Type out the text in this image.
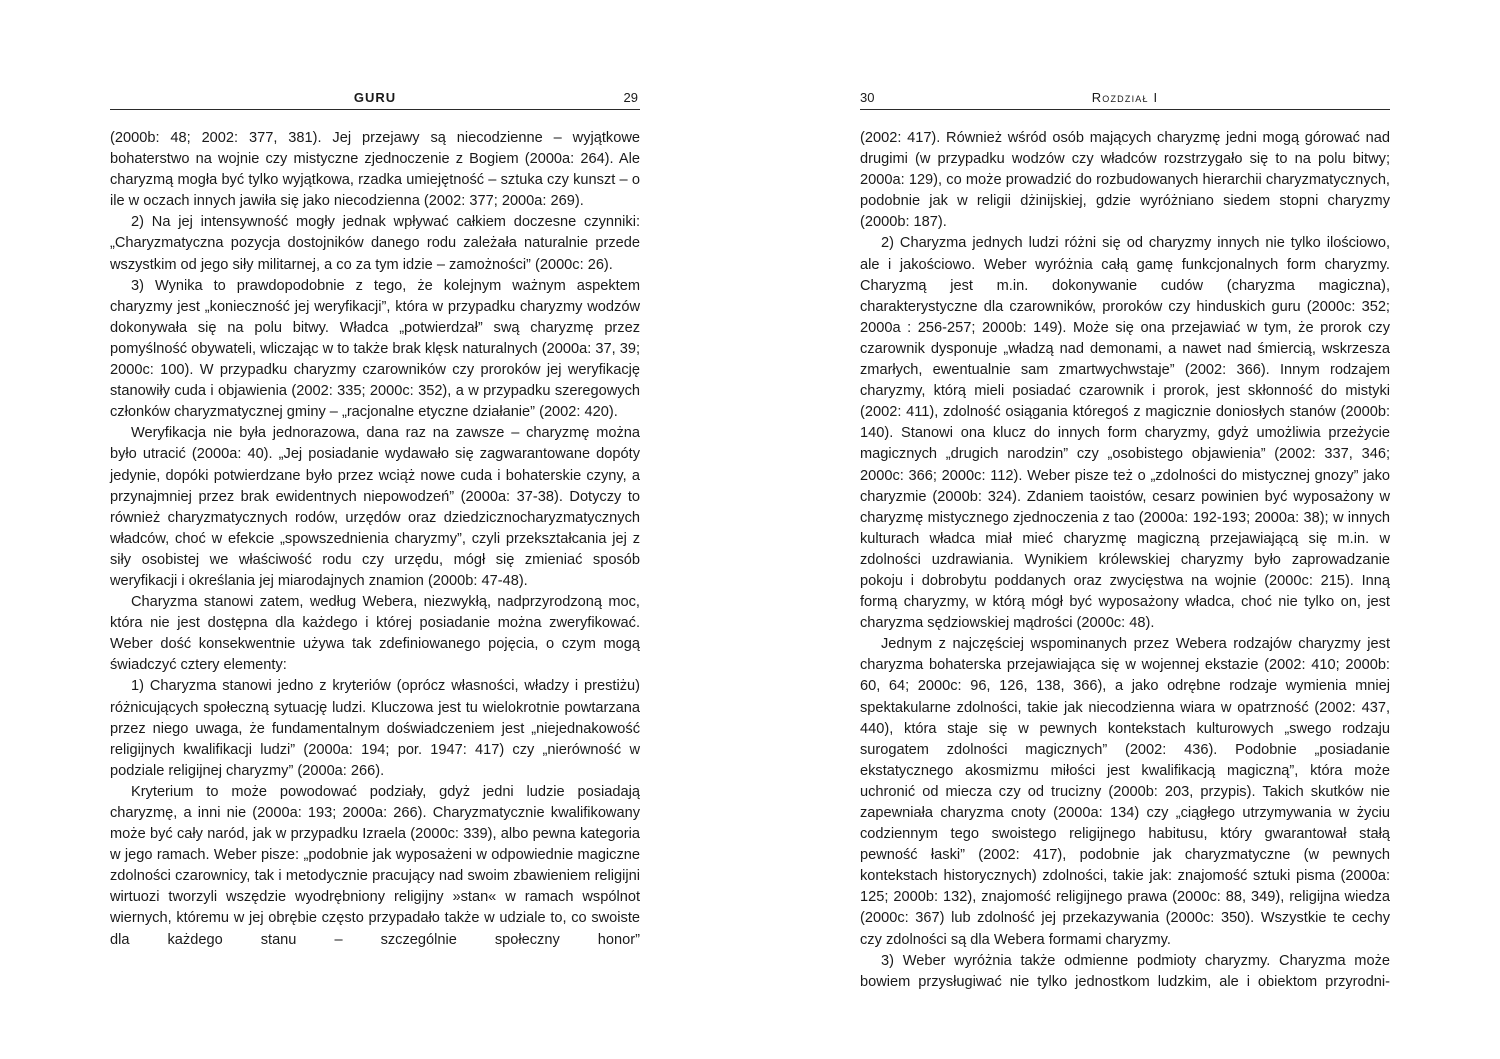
GURU	29

(2000b: 48; 2002: 377, 381). Jej przejawy są niecodzienne – wyjątkowe bohaterstwo na wojnie czy mistyczne zjednoczenie z Bogiem (2000a: 264). Ale charyzmą mogła być tylko wyjątkowa, rzadka umiejętność – sztuka czy kunszt – o ile w oczach innych jawiła się jako niecodzienna (2002: 377; 2000a: 269).

2) Na jej intensywność mogły jednak wpływać całkiem doczesne czynniki: „Charyzmatyczna pozycja dostojników danego rodu zależała naturalnie przede wszystkim od jego siły militarnej, a co za tym idzie – zamożności” (2000c: 26).

3) Wynika to prawdopodobnie z tego, że kolejnym ważnym aspektem charyzmy jest „konieczność jej weryfikacji”, która w przypadku charyzmy wodzów dokonywała się na polu bitwy. Władca „potwierdzał” swą charyzmę przez pomyślność obywateli, wliczając w to także brak klęsk naturalnych (2000a: 37, 39; 2000c: 100). W przypadku charyzmy czarowników czy proroków jej weryfikację stanowiły cuda i objawienia (2002: 335; 2000c: 352), a w przypadku szeregowych członków charyzmatycznej gminy – „racjonalne etyczne działanie” (2002: 420).

Weryfikacja nie była jednorazowa, dana raz na zawsze – charyzmę można było utracić (2000a: 40). „Jej posiadanie wydawało się zagwarantowane dopóty jedynie, dopóki potwierdzane było przez wciąż nowe cuda i bohaterskie czyny, a przynajmniej przez brak ewidentnych niepowodzeń” (2000a: 37-38). Dotyczy to również charyzmatycznych rodów, urzędów oraz dziedzicznocharyzmatycznych władców, choć w efekcie „spowszednienia charyzmy”, czyli przekształcania jej z siły osobistej we właściwość rodu czy urzędu, mógł się zmieniać sposób weryfikacji i określania jej miarodajnych znamion (2000b: 47-48).

Charyzma stanowi zatem, według Webera, niezwykłą, nadprzyrodzoną moc, która nie jest dostępna dla każdego i której posiadanie można zweryfikować. Weber dość konsekwentnie używa tak zdefiniowanego pojęcia, o czym mogą świadczyć cztery elementy:

1) Charyzma stanowi jedno z kryteriów (oprócz własności, władzy i prestiżu) różnicujących społeczną sytuację ludzi. Kluczowa jest tu wielokrotnie powtarzana przez niego uwaga, że fundamentalnym doświadczeniem jest „niejednakowość religijnych kwalifikacji ludzi” (2000a: 194; por. 1947: 417) czy „nierówność w podziale religijnej charyzmy” (2000a: 266).

Kryterium to może powodować podziały, gdyż jedni ludzie posiadają charyzmę, a inni nie (2000a: 193; 2000a: 266). Charyzmatycznie kwalifikowany może być cały naród, jak w przypadku Izraela (2000c: 339), albo pewna kategoria w jego ramach. Weber pisze: „podobnie jak wyposażeni w odpowiednie magiczne zdolności czarownicy, tak i metodycznie pracujący nad swoim zbawieniem religijni wirtuozi tworzyli wszędzie wyodrębniony religijny »stan« w ramach wspólnot wiernych, któremu w jej obrębie często przypadało także w udziale to, co swoiste dla każdego stanu – szczególnie społeczny honor”

30	Rozdział I

(2002: 417). Również wśród osób mających charyzmę jedni mogą górować nad drugimi (w przypadku wodzów czy władców rozstrzygało się to na polu bitwy; 2000a: 129), co może prowadzić do rozbudowanych hierarchii charyzmatycznych, podobnie jak w religii dżinijskiej, gdzie wyróżniano siedem stopni charyzmy (2000b: 187).

2) Charyzma jednych ludzi różni się od charyzmy innych nie tylko ilościowo, ale i jakościowo. Weber wyróżnia całą gamę funkcjonalnych form charyzmy. Charyzmą jest m.in. dokonywanie cudów (charyzma magiczna), charakterystyczne dla czarowników, proroków czy hinduskich guru (2000c: 352; 2000a : 256-257; 2000b: 149). Może się ona przejawiać w tym, że prorok czy czarownik dysponuje „władzą nad demonami, a nawet nad śmiercią, wskrzesza zmarłych, ewentualnie sam zmartwychwstaje” (2002: 366). Innym rodzajem charyzmy, którą mieli posiadać czarownik i prorok, jest skłonność do mistyki (2002: 411), zdolność osiągania któregoś z magicznie doniosłych stanów (2000b: 140). Stanowi ona klucz do innych form charyzmy, gdyż umożliwia przeżycie magicznych „drugich narodzin” czy „osobistego objawienia” (2002: 337, 346; 2000c: 366; 2000c: 112). Weber pisze też o „zdolności do mistycznej gnozy” jako charyzmie (2000b: 324). Zdaniem taoistów, cesarz powinien być wyposażony w charyzmę mistycznego zjednoczenia z tao (2000a: 192-193; 2000a: 38); w innych kulturach władca miał mieć charyzmę magiczną przejawiającą się m.in. w zdolności uzdrawiania. Wynikiem królewskiej charyzmy było zaprowadzanie pokoju i dobrobytu poddanych oraz zwycięstwa na wojnie (2000c: 215). Inną formą charyzmy, w którą mógł być wyposażony władca, choć nie tylko on, jest charyzma sędziowskiej mądrości (2000c: 48).

Jednym z najczęściej wspominanych przez Webera rodzajów charyzmy jest charyzma bohaterska przejawiająca się w wojennej ekstazie (2002: 410; 2000b: 60, 64; 2000c: 96, 126, 138, 366), a jako odrębne rodzaje wymienia mniej spektakularne zdolności, takie jak niecodzienna wiara w opatrzność (2002: 437, 440), która staje się w pewnych kontekstach kulturowych „swego rodzaju surogatem zdolności magicznych” (2002: 436). Podobnie „posiadanie ekstatycznego akosmizmu miłości jest kwalifikacją magiczną”, która może uchronić od miecza czy od trucizny (2000b: 203, przypis). Takich skutków nie zapewniała charyzma cnoty (2000a: 134) czy „ciągłego utrzymywania w życiu codziennym tego swoistego religijnego habitusu, który gwarantował stałą pewność łaski” (2002: 417), podobnie jak charyzmatyczne (w pewnych kontekstach historycznych) zdolności, takie jak: znajomość sztuki pisma (2000a: 125; 2000b: 132), znajomość religijnego prawa (2000c: 88, 349), religijna wiedza (2000c: 367) lub zdolność jej przekazywania (2000c: 350). Wszystkie te cechy czy zdolności są dla Webera formami charyzmy.

3) Weber wyróżnia także odmienne podmioty charyzmy. Charyzma może bowiem przysługiwać nie tylko jednostkom ludzkim, ale i obiektom przyrodni-
